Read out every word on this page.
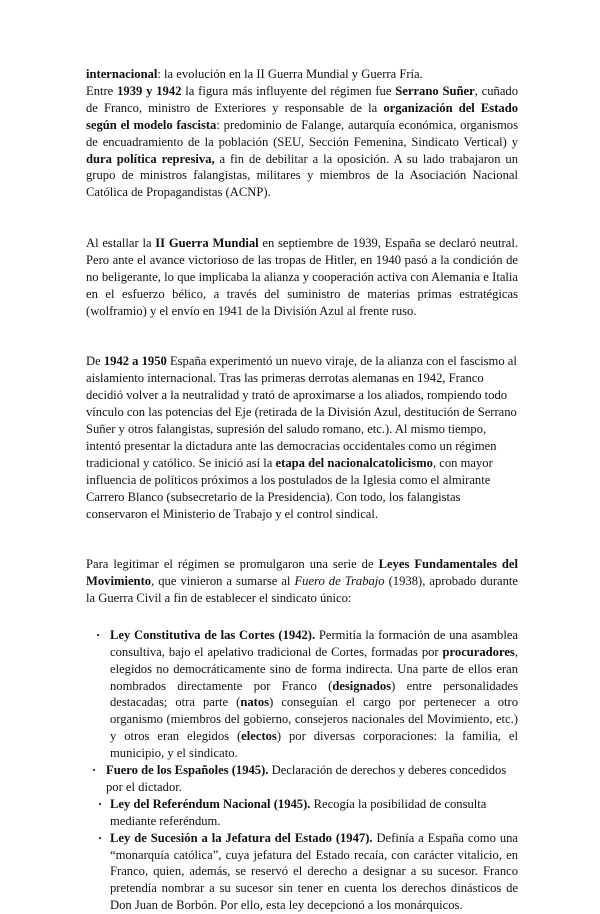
internacional: la evolución en la II Guerra Mundial y Guerra Fría.
Entre 1939 y 1942 la figura más influyente del régimen fue Serrano Suñer, cuñado de Franco, ministro de Exteriores y responsable de la organización del Estado según el modelo fascista: predominio de Falange, autarquía económica, organismos de encuadramiento de la población (SEU, Sección Femenina, Sindicato Vertical) y dura política represiva, a fin de debilitar a la oposición. A su lado trabajaron un grupo de ministros falangistas, militares y miembros de la Asociación Nacional Católica de Propagandistas (ACNP).

Al estallar la II Guerra Mundial en septiembre de 1939, España se declaró neutral. Pero ante el avance victorioso de las tropas de Hitler, en 1940 pasó a la condición de no beligerante, lo que implicaba la alianza y cooperación activa con Alemania e Italia en el esfuerzo bélico, a través del suministro de materias primas estratégicas (wolframio) y el envío en 1941 de la División Azul al frente ruso.

De 1942 a 1950 España experimentó un nuevo viraje, de la alianza con el fascismo al aislamiento internacional. Tras las primeras derrotas alemanas en 1942, Franco decidió volver a la neutralidad y trató de aproximarse a los aliados, rompiendo todo vínculo con las potencias del Eje (retirada de la División Azul, destitución de Serrano Suñer y otros falangistas, supresión del saludo romano, etc.). Al mismo tiempo, intentó presentar la dictadura ante las democracias occidentales como un régimen tradicional y católico. Se inició así la etapa del nacionalcatolicismo, con mayor influencia de políticos próximos a los postulados de la Iglesia como el almirante Carrero Blanco (subsecretario de la Presidencia). Con todo, los falangistas conservaron el Ministerio de Trabajo y el control sindical.

Para legitimar el régimen se promulgaron una serie de Leyes Fundamentales del Movimiento, que vinieron a sumarse al Fuero de Trabajo (1938), aprobado durante la Guerra Civil a fin de establecer el sindicato único:

· Ley Constitutiva de las Cortes (1942). Permitía la formación de una asamblea consultiva, bajo el apelativo tradicional de Cortes, formadas por procuradores, elegidos no democráticamente sino de forma indirecta. Una parte de ellos eran nombrados directamente por Franco (designados) entre personalidades destacadas; otra parte (natos) conseguían el cargo por pertenecer a otro organismo (miembros del gobierno, consejeros nacionales del Movimiento, etc.) y otros eran elegidos (electos) por diversas corporaciones: la familia, el municipio, y el sindicato.
· Fuero de los Españoles (1945). Declaración de derechos y deberes concedidos por el dictador.
· Ley del Referéndum Nacional (1945). Recogía la posibilidad de consulta mediante referéndum.
· Ley de Sucesión a la Jefatura del Estado (1947). Definía a España como una “monarquía católica”, cuya jefatura del Estado recaía, con carácter vitalicio, en Franco, quien, además, se reservó el derecho a designar a su sucesor. Franco pretendía nombrar a su sucesor sin tener en cuenta los derechos dinásticos de Don Juan de Borbón. Por ello, esta ley decepcionó a los monárquicos.
